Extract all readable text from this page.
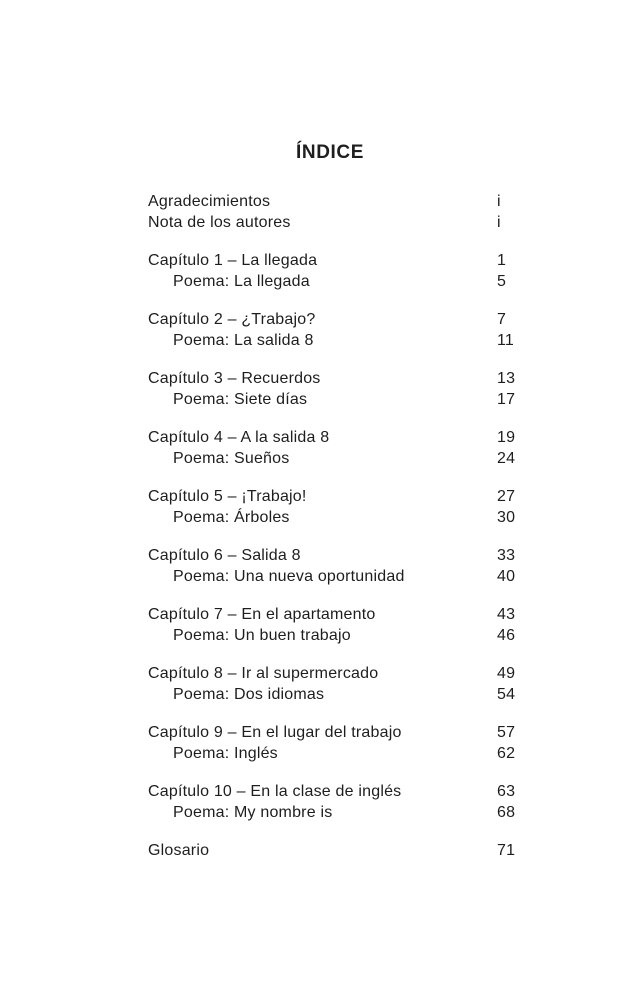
ÍNDICE
Agradecimientos	i
Nota de los autores	i
Capítulo 1 – La llegada	1
Poema: La llegada	5
Capítulo 2 – ¿Trabajo?	7
Poema: La salida 8	11
Capítulo 3 – Recuerdos	13
Poema: Siete días	17
Capítulo 4 – A la salida 8	19
Poema: Sueños	24
Capítulo 5 – ¡Trabajo!	27
Poema: Árboles	30
Capítulo 6 – Salida 8	33
Poema: Una nueva oportunidad	40
Capítulo 7 – En el apartamento	43
Poema: Un buen trabajo	46
Capítulo 8 – Ir al supermercado	49
Poema: Dos idiomas	54
Capítulo 9 – En el lugar del trabajo	57
Poema: Inglés	62
Capítulo 10 – En la clase de inglés	63
Poema: My nombre is	68
Glosario	71
